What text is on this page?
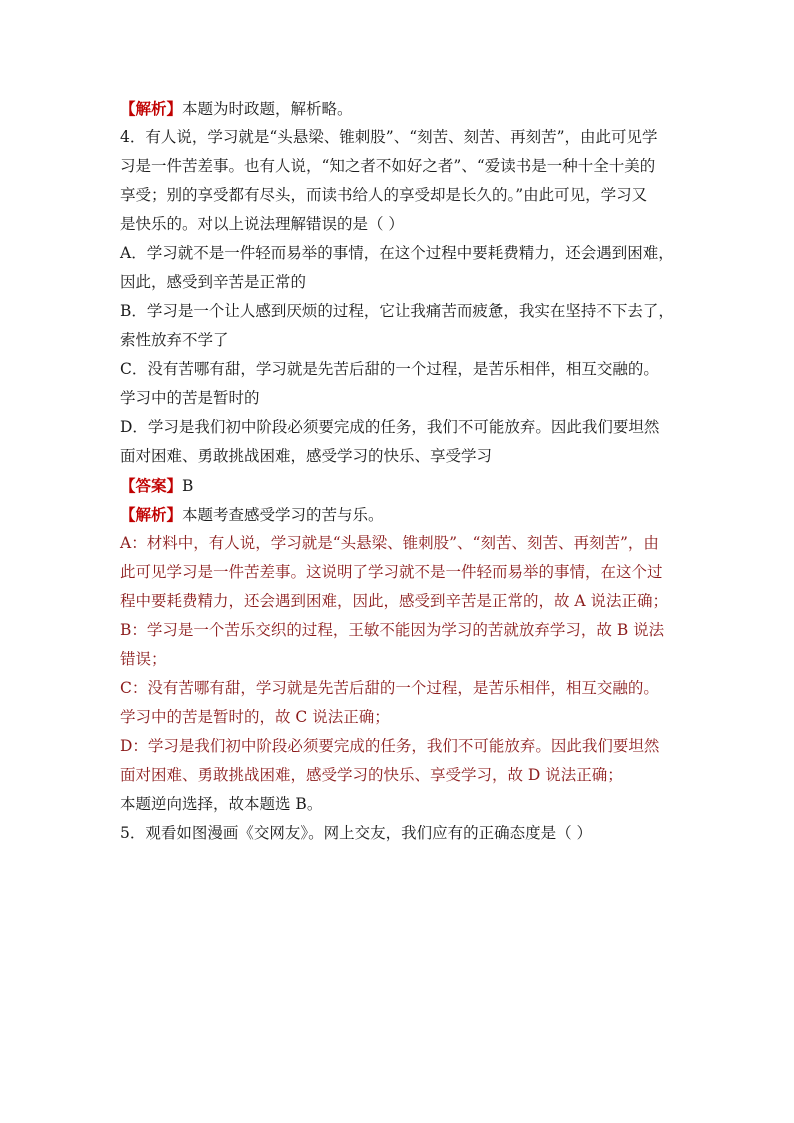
【解析】本题为时政题，解析略。
4．有人说，学习就是“头悬梁、锥刺股”、“刻苦、刻苦、再刻苦”，由此可见学
习是一件苦差事。也有人说，“知之者不如好之者”、“爱读书是一种十全十美的
享受；别的享受都有尽头，而读书给人的享受却是长久的。”由此可见，学习又
是快乐的。对以上说法理解错误的是（ ）
A．学习就不是一件轻而易举的事情，在这个过程中要耗费精力，还会遇到困难，
因此，感受到辛苦是正常的
B．学习是一个让人感到厌烦的过程，它让我痛苦而疲惫，我实在坚持不下去了，
索性放弃不学了
C．没有苦哪有甜，学习就是先苦后甜的一个过程，是苦乐相伴，相互交融的。
学习中的苦是暂时的
D．学习是我们初中阶段必须要完成的任务，我们不可能放弃。因此我们要坦然
面对困难、勇敢挑战困难，感受学习的快乐、享受学习
【答案】B
【解析】本题考查感受学习的苦与乐。
A：材料中，有人说，学习就是“头悬梁、锥刺股”、“刻苦、刻苦、再刻苦”，由
此可见学习是一件苦差事。这说明了学习就不是一件轻而易举的事情，在这个过
程中要耗费精力，还会遇到困难，因此，感受到辛苦是正常的，故 A 说法正确；
B：学习是一个苦乐交织的过程，王敏不能因为学习的苦就放弃学习，故 B 说法
错误；
C：没有苦哪有甜，学习就是先苦后甜的一个过程，是苦乐相伴，相互交融的。
学习中的苦是暂时的，故 C 说法正确；
D：学习是我们初中阶段必须要完成的任务，我们不可能放弃。因此我们要坦然
面对困难、勇敢挑战困难，感受学习的快乐、享受学习，故 D 说法正确；
本题逆向选择，故本题选 B。
5．观看如图漫画《交网友》。网上交友，我们应有的正确态度是（ ）
